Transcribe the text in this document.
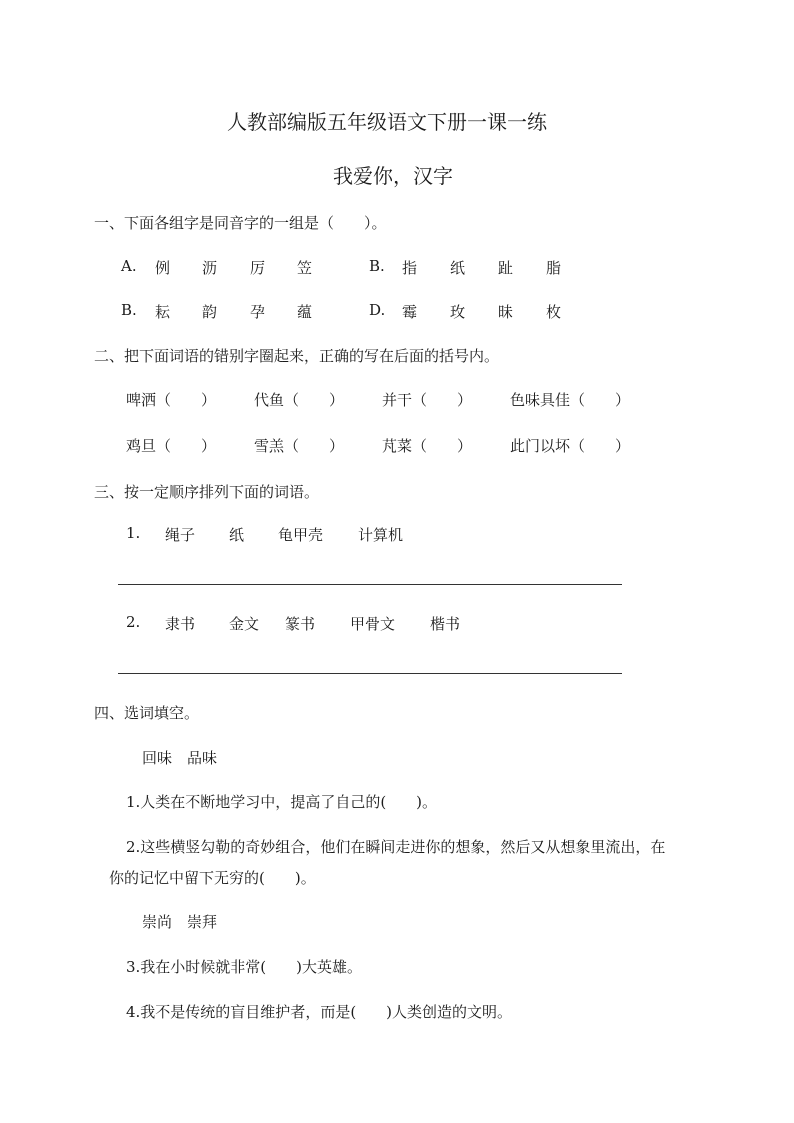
人教部编版五年级语文下册一课一练
我爱你，汉字
一、下面各组字是同音字的一组是（　　）。
A. 例 沥 厉 笠	B. 指 纸 趾 脂
B. 耘 韵 孕 蕴	D. 霉 玫 昧 枚
二、把下面词语的错别字圈起来，正确的写在后面的括号内。
啤洒（　　）	代鱼（　　）	并干（　　）	色味具佳（　　）
鸡旦（　　）	雪羔（　　）	芃菜（　　）	此门以坏（　　）
三、按一定顺序排列下面的词语。
1. 绳子 纸 龟甲壳 计算机
2. 隶书 金文 篆书 甲骨文 楷书
四、选词填空。
回味　品味
1.人类在不断地学习中，提高了自己的(　　)。
2.这些横竖勾勒的奇妙组合，他们在瞬间走进你的想象，然后又从想象里流出，在
你的记忆中留下无穷的(　　)。
崇尚　崇拜
3.我在小时候就非常(　　)大英雄。
4.我不是传统的盲目维护者，而是(　　)人类创造的文明。
